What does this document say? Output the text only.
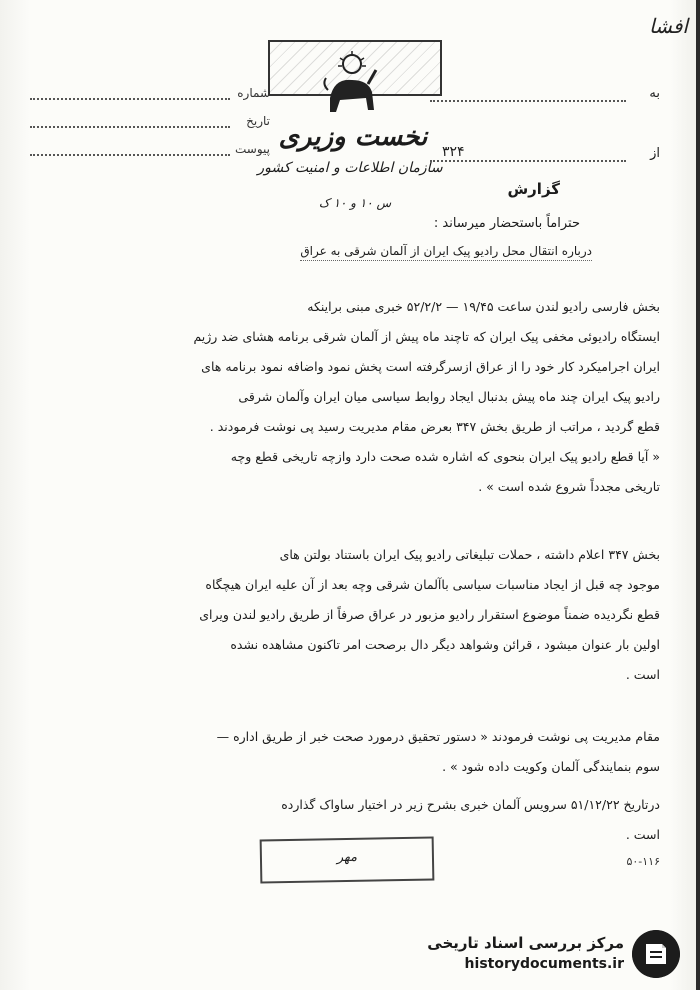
افشا
شماره
تاریخ
پیوست نخست وزیری
سازمان اطلاعات و امنیت کشور
س ۱۰ و ۱۰ ک
به
از
۳۲۴
گزارش
حتراماً باستحضار میرساند :
درباره انتقال محل رادیو پیک ایران از آلمان شرقی به عراق

بخش فارسی رادیو لندن ساعت ۱۹/۴۵ — ۵۲/۲/۲ خبری مبنی براینکه
ایستگاه رادیوئی مخفی پیک ایران که تاچند ماه پیش از آلمان شرقی برنامه هشای ضد رژیم
ایران اجرامیکرد کار خود را از عراق ازسرگرفته است پخش نمود واضافه نمود برنامه های
رادیو پیک ایران چند ماه پیش بدنبال ایجاد روابط سیاسی میان ایران وآلمان شرقی
قطع گردید ، مراتب از طریق بخش ۳۴۷ بعرض مقام مدیریت رسید پی نوشت فرمودند .
« آیا قطع رادیو پیک ایران بنحوی که اشاره شده صحت دارد وازچه تاریخی قطع وچه
تاریخی مجدداً شروع شده است » .

بخش ۳۴۷ اعلام داشته ، حملات تبلیغاتی رادیو پیک ایران باستناد بولتن های
موجود چه قبل از ایجاد مناسبات سیاسی باآلمان شرقی وچه بعد از آن علیه ایران هیچگاه
قطع نگردیده ضمناً موضوع استقرار رادیو مزبور در عراق صرفاً از طریق رادیو لندن ویرای
اولین بار عنوان میشود ، قرائن وشواهد دیگر دال برصحت امر تاکنون مشاهده نشده
است .

مقام مدیریت پی نوشت فرمودند « دستور تحقیق درمورد صحت خبر از طریق اداره —
سوم بنمایندگی آلمان وکویت داده شود » .

درتاریخ ۵۱/۱۲/۲۲ سرویس آلمان خبری بشرح زیر در اختیار ساواک گذارده
است .

مهر	۵۰-۱۱۶
مرکز بررسی اسناد تاریخی
historydocuments.ir
